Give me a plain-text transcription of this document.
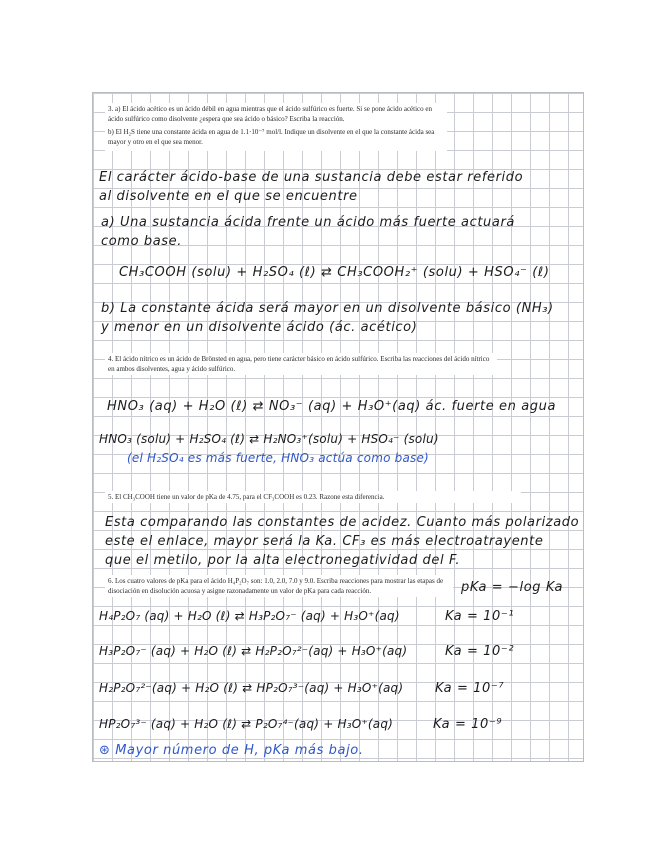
3. a) El ácido acético es un ácido débil en agua mientras que el ácido sulfúrico es fuerte. Si se pone ácido acético en ácido sulfúrico como disolvente ¿espera que sea ácido o básico? Escriba la reacción.

b) El H₂S tiene una constante ácida en agua de 1.1·10⁻⁷ mol/l. Indique un disolvente en el que la constante ácida sea mayor y otro en el que sea menor.

El carácter ácido-base de una sustancia debe estar referido
al disolvente en el que se encuentre
a) Una sustancia ácida frente un ácido más fuerte actuará
como base.
CH₃COOH (solu) + H₂SO₄ (ℓ) ⇄ CH₃COOH₂⁺ (solu) + HSO₄⁻ (ℓ)
b) La constante ácida será mayor en un disolvente básico (NH₃)
y menor en un disolvente ácido (ác. acético)
4. El ácido nítrico es un ácido de Brönsted en agua, pero tiene carácter básico en ácido sulfúrico. Escriba las reacciones del ácido nítrico en ambos disolventes, agua y ácido sulfúrico.
HNO₃ (aq) + H₂O (ℓ) ⇄ NO₃⁻ (aq) + H₃O⁺(aq) ác. fuerte en agua
HNO₃ (solu) + H₂SO₄ (ℓ) ⇄ H₂NO₃⁺(solu) + HSO₄⁻ (solu)
(el H₂SO₄ es más fuerte, HNO₃ actúa como base)
5. El CH₃COOH tiene un valor de pKa de 4.75, para el CF₃COOH es 0.23. Razone esta diferencia.
Esta comparando las constantes de acidez. Cuanto más polarizado
este el enlace, mayor será la Ka. CF₃ es más electroatrayente
que el metilo, por la alta electronegatividad del F.
6. Los cuatro valores de pKa para el ácido H₄P₂O₇ son: 1.0, 2.0, 7.0 y 9.0. Escriba reacciones para mostrar las etapas de disociación en disolución acuosa y asigne razonadamente un valor de pKa para cada reacción.	pKa = −log Ka
H₄P₂O₇ (aq) + H₂O (ℓ) ⇄ H₃P₂O₇⁻ (aq) + H₃O⁺(aq)	Ka = 10⁻¹
H₃P₂O₇⁻ (aq) + H₂O (ℓ) ⇄ H₂P₂O₇²⁻(aq) + H₃O⁺(aq)	Ka = 10⁻²
H₂P₂O₇²⁻(aq) + H₂O (ℓ) ⇄ HP₂O₇³⁻(aq) + H₃O⁺(aq) Ka = 10⁻⁷
HP₂O₇³⁻ (aq) + H₂O (ℓ) ⇄ P₂O₇⁴⁻(aq) + H₃O⁺(aq)	Ka = 10⁻⁹
⊛ Mayor número de H, pKa más bajo.
